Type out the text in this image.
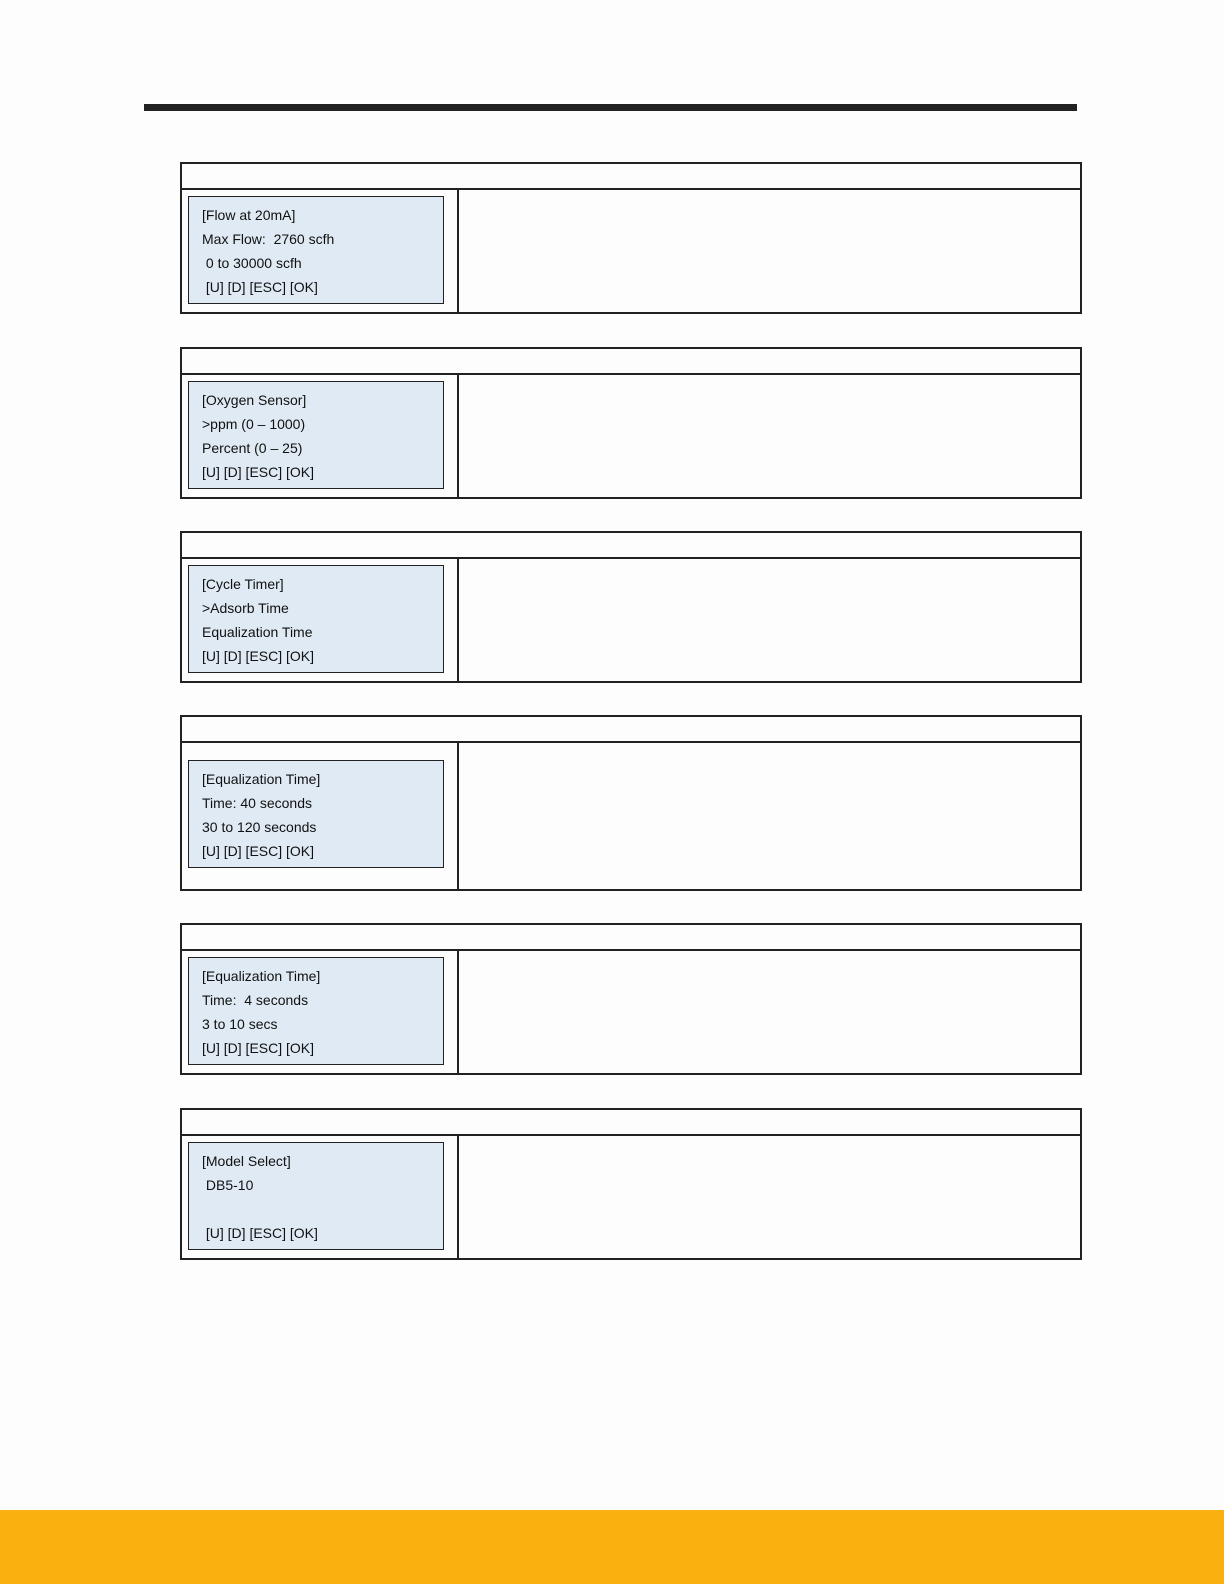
[Flow at 20mA]
Max Flow:  2760 scfh
0 to 30000 scfh
[U] [D] [ESC] [OK]
[Oxygen Sensor]
>ppm (0 – 1000)
Percent (0 – 25)
[U] [D] [ESC] [OK]
[Cycle Timer]
>Adsorb Time
Equalization Time
[U] [D] [ESC] [OK]
[Equalization Time]
Time: 40 seconds
30 to 120 seconds
[U] [D] [ESC] [OK]
[Equalization Time]
Time:  4 seconds
3 to 10 secs
[U] [D] [ESC] [OK]
[Model Select]
DB5-10
[U] [D] [ESC] [OK]
